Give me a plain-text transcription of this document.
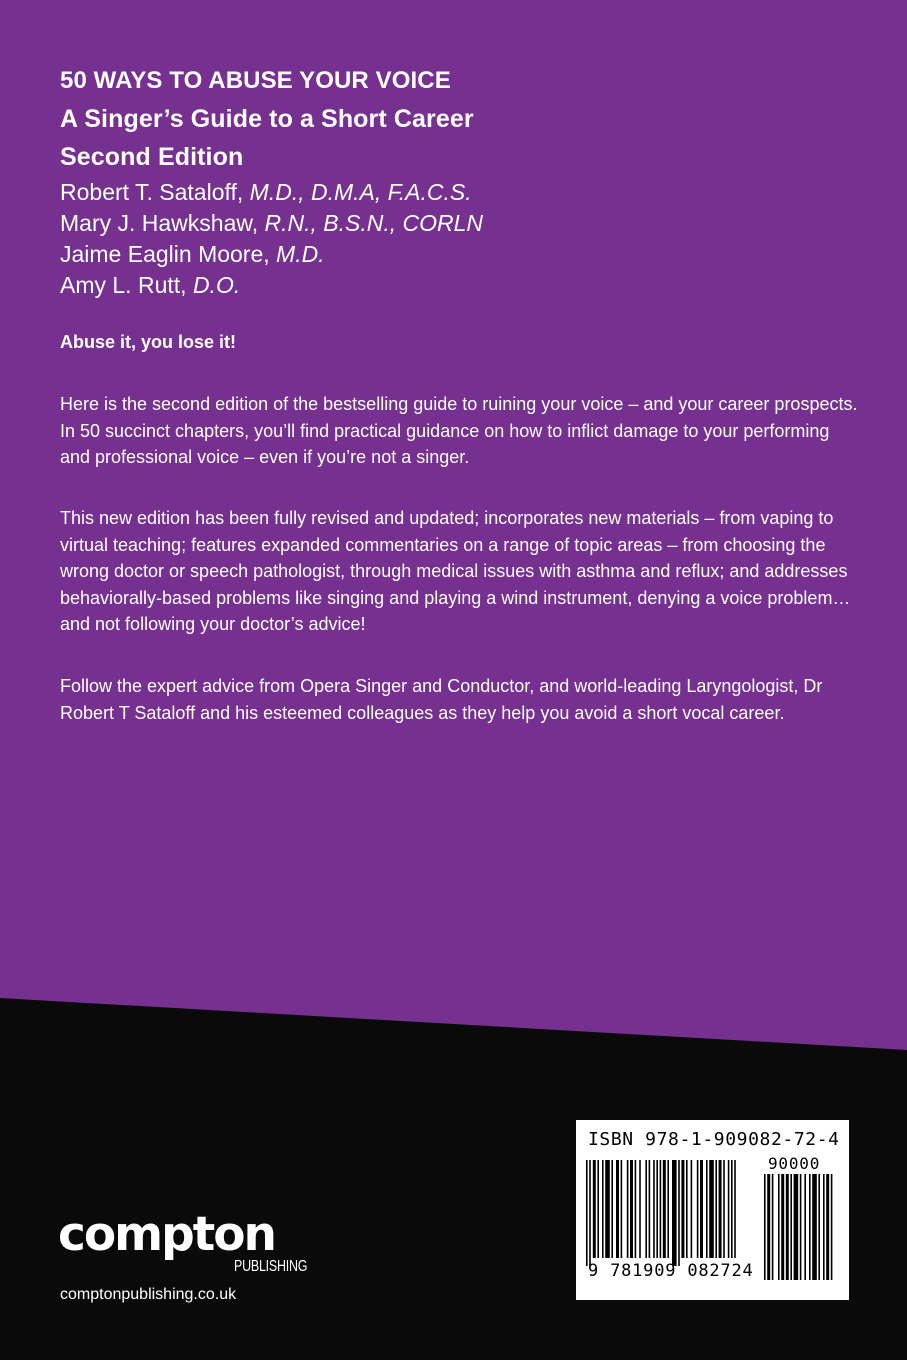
50 WAYS TO ABUSE YOUR VOICE

A Singer’s Guide to a Short Career

Second Edition

Robert T. Sataloff, M.D., D.M.A, F.A.C.S.

Mary J. Hawkshaw, R.N., B.S.N., CORLN

Jaime Eaglin Moore, M.D.

Amy L. Rutt, D.O.

Abuse it, you lose it!

Here is the second edition of the bestselling guide to ruining your voice – and your career prospects. In 50 succinct chapters, you’ll find practical guidance on how to inflict damage to your performing and professional voice – even if you’re not a singer.

This new edition has been fully revised and updated; incorporates new materials – from vaping to virtual teaching; features expanded commentaries on a range of topic areas – from choosing the wrong doctor or speech pathologist, through medical issues with asthma and reflux; and addresses behaviorally-based problems like singing and playing a wind instrument, denying a voice problem… and not following your doctor’s advice!

Follow the expert advice from Opera Singer and Conductor, and world-leading Laryngologist, Dr Robert T Sataloff and his esteemed colleagues as they help you avoid a short vocal career.

compton

PUBLISHING

comptonpublishing.co.uk

ISBN 978-1-909082-72-4
90000
9 781909 082724
